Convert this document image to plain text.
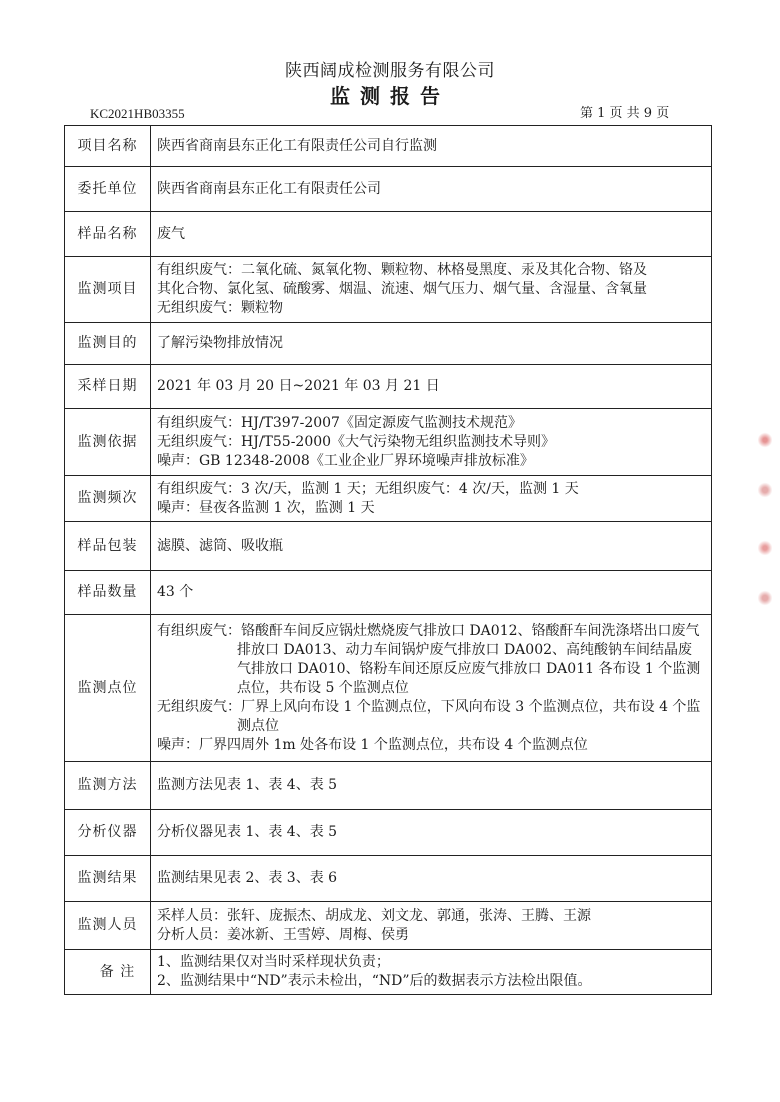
陕西阔成检测服务有限公司
监测报告
KC2021HB03355	第 1 页 共 9 页
项目名称	陕西省商南县东正化工有限责任公司自行监测
委托单位	陕西省商南县东正化工有限责任公司
样品名称	废气
监测项目	有组织废气：二氧化硫、氮氧化物、颗粒物、林格曼黑度、汞及其化合物、铬及
其化合物、氯化氢、硫酸雾、烟温、流速、烟气压力、烟气量、含湿量、含氧量
无组织废气：颗粒物

监测目的	了解污染物排放情况
采样日期	2021 年 03 月 20 日~2021 年 03 月 21 日
监测依据	有组织废气：HJ/T397-2007《固定源废气监测技术规范》
无组织废气：HJ/T55-2000《大气污染物无组织监测技术导则》
噪声：GB 12348-2008《工业企业厂界环境噪声排放标准》

监测频次	有组织废气：3 次/天，监测 1 天；无组织废气：4 次/天，监测 1 天
噪声：昼夜各监测 1 次，监测 1 天

样品包装	滤膜、滤筒、吸收瓶
样品数量	43 个
监测点位	有组织废气：铬酸酐车间反应锅灶燃烧废气排放口 DA012、铬酸酐车间洗涤塔出口废气排放口 DA013、动力车间锅炉废气排放口 DA002、高纯酸钠车间结晶废气排放口 DA010、铬粉车间还原反应废气排放口 DA011 各布设 1 个监测点位，共布设 5 个监测点位
无组织废气：厂界上风向布设 1 个监测点位，下风向布设 3 个监测点位，共布设 4 个监测点位
噪声：厂界四周外 1m 处各布设 1 个监测点位，共布设 4 个监测点位

监测方法	监测方法见表 1、表 4、表 5
分析仪器	分析仪器见表 1、表 4、表 5
监测结果	监测结果见表 2、表 3、表 6
监测人员	采样人员：张轩、庞振杰、胡成龙、刘文龙、郭通，张涛、王腾、王源
分析人员：姜冰新、王雪婷、周梅、侯勇

备 注	1、监测结果仅对当时采样现状负责；
2、监测结果中“ND”表示未检出，“ND”后的数据表示方法检出限值。
